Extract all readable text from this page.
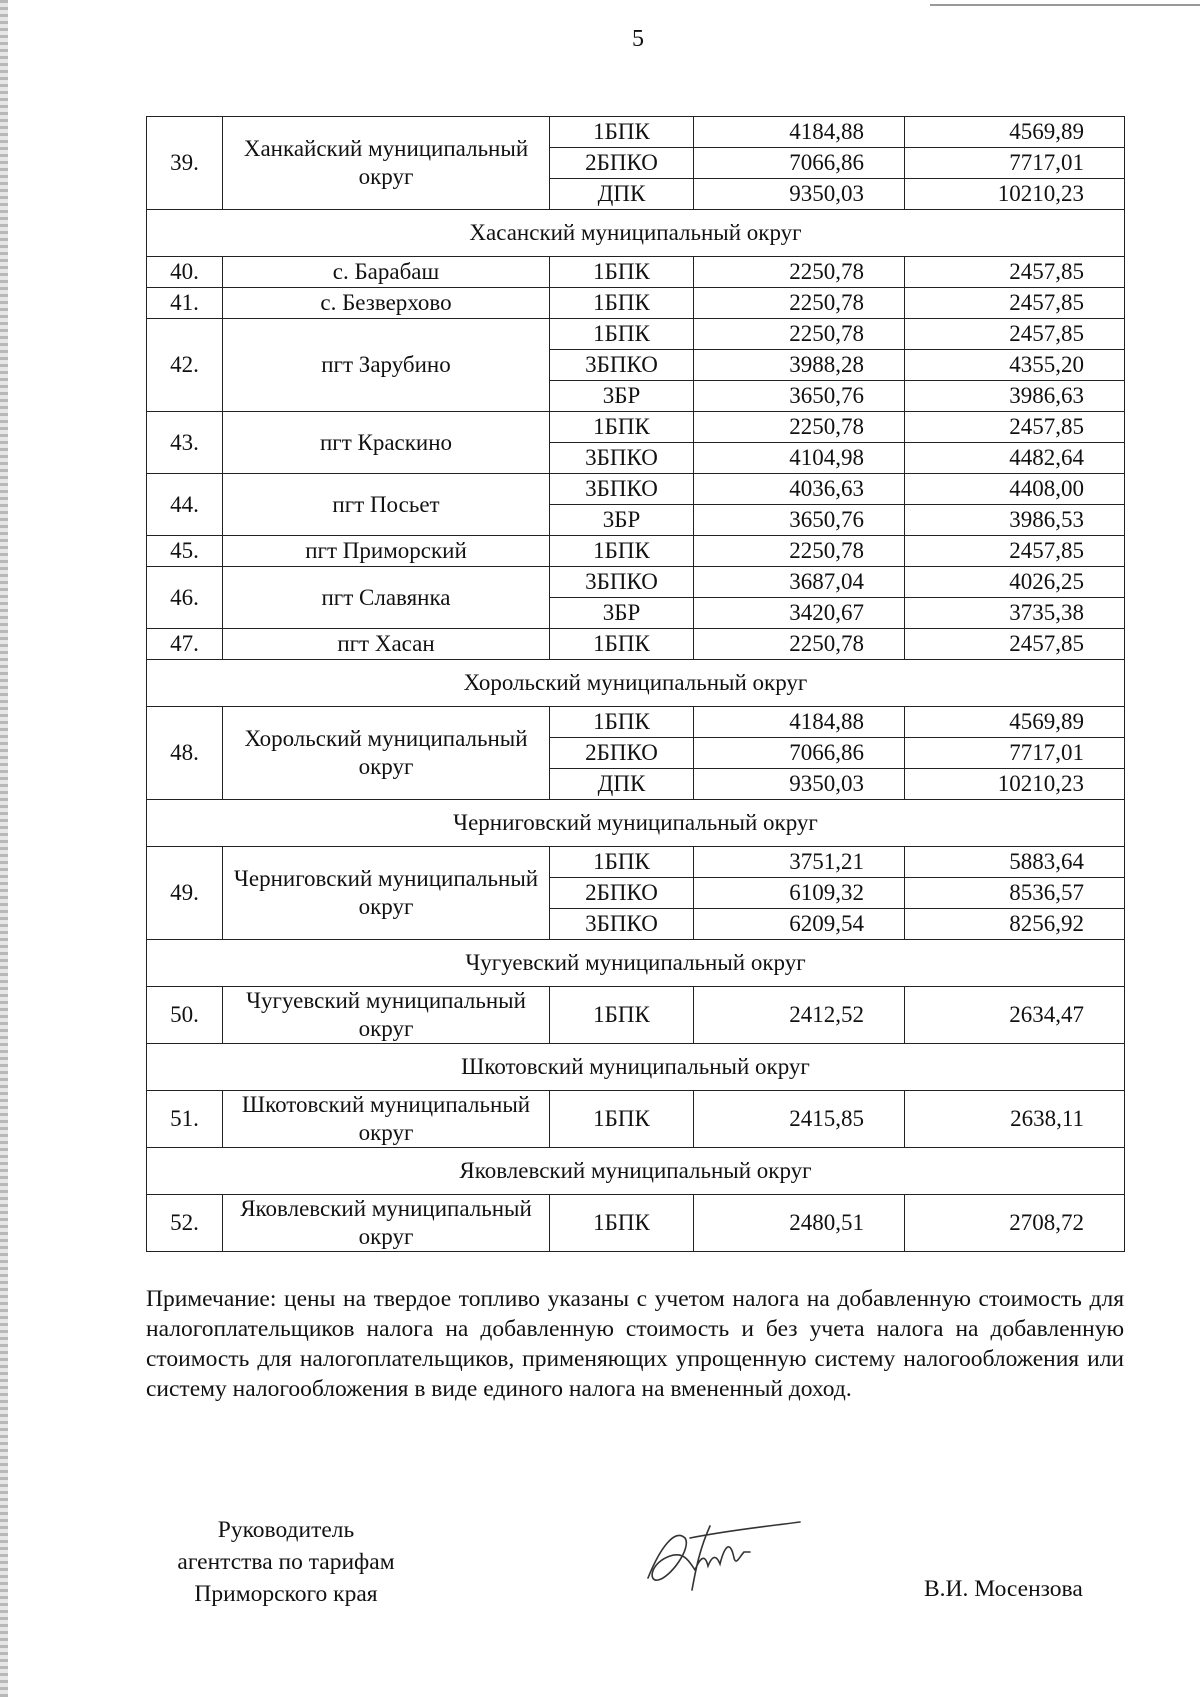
5
39.	Ханкайский муниципальный округ	1БПК	4184,88	4569,89
		2БПКО	7066,86	7717,01
		ДПК	9350,03	10210,23
Хасанский муниципальный округ				
40.	с. Барабаш	1БПК	2250,78	2457,85
41.	с. Безверхово	1БПК	2250,78	2457,85
42.	пгт Зарубино	1БПК	2250,78	2457,85
		3БПКО	3988,28	4355,20
		3БР	3650,76	3986,63
43.	пгт Краскино	1БПК	2250,78	2457,85
		3БПКО	4104,98	4482,64
44.	пгт Посьет	3БПКО	4036,63	4408,00
		3БР	3650,76	3986,53
45.	пгт Приморский	1БПК	2250,78	2457,85
46.	пгт Славянка	3БПКО	3687,04	4026,25
		3БР	3420,67	3735,38
47.	пгт Хасан	1БПК	2250,78	2457,85
Хорольский муниципальный округ				
48.	Хорольский муниципальный округ	1БПК	4184,88	4569,89
		2БПКО	7066,86	7717,01
		ДПК	9350,03	10210,23
Черниговский муниципальный округ				
49.	Черниговский муниципальный округ	1БПК	3751,21	5883,64
		2БПКО	6109,32	8536,57
		3БПКО	6209,54	8256,92
Чугуевский муниципальный округ				
50.	Чугуевский муниципальный округ	1БПК	2412,52	2634,47
Шкотовский муниципальный округ				
51.	Шкотовский муниципальный округ	1БПК	2415,85	2638,11
Яковлевский муниципальный округ				
52.	Яковлевский муниципальный округ	1БПК	2480,51	2708,72
Примечание: цены на твердое топливо указаны с учетом налога на добавленную стоимость для налогоплательщиков налога на добавленную стоимость и без учета налога на добавленную стоимость для налогоплательщиков, применяющих упрощенную систему налогообложения или систему налогообложения в виде единого налога на вмененный доход.
Руководитель
агентства по тарифам
Приморского края	В.И. Мосензова
